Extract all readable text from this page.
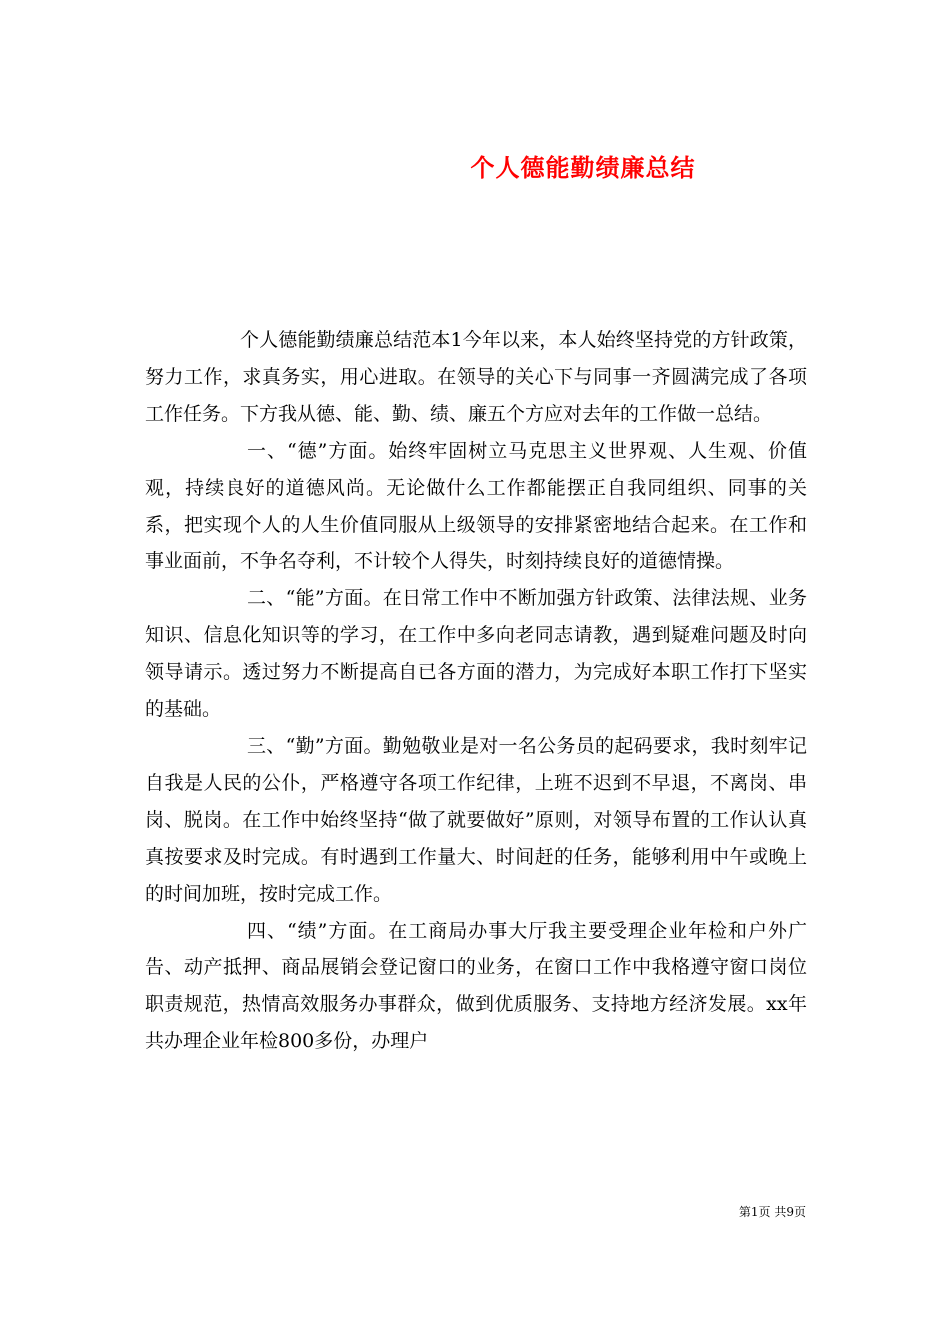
个人德能勤绩廉总结

个人德能勤绩廉总结范本1今年以来，本人始终坚持党的方针政策，努力工作，求真务实，用心进取。在领导的关心下与同事一齐圆满完成了各项工作任务。下方我从德、能、勤、绩、廉五个方应对去年的工作做一总结。

一、“德”方面。始终牢固树立马克思主义世界观、人生观、价值观，持续良好的道德风尚。无论做什么工作都能摆正自我同组织、同事的关系，把实现个人的人生价值同服从上级领导的安排紧密地结合起来。在工作和事业面前，不争名夺利，不计较个人得失，时刻持续良好的道德情操。

二、“能”方面。在日常工作中不断加强方针政策、法律法规、业务知识、信息化知识等的学习，在工作中多向老同志请教，遇到疑难问题及时向领导请示。透过努力不断提高自已各方面的潜力，为完成好本职工作打下坚实的基础。

三、“勤”方面。勤勉敬业是对一名公务员的起码要求，我时刻牢记自我是人民的公仆，严格遵守各项工作纪律，上班不迟到不早退，不离岗、串岗、脱岗。在工作中始终坚持“做了就要做好”原则，对领导布置的工作认认真真按要求及时完成。有时遇到工作量大、时间赶的任务，能够利用中午或晚上的时间加班，按时完成工作。

四、“绩”方面。在工商局办事大厅我主要受理企业年检和户外广告、动产抵押、商品展销会登记窗口的业务，在窗口工作中我格遵守窗口岗位职责规范，热情高效服务办事群众，做到优质服务、支持地方经济发展。xx年共办理企业年检800多份，办理户

第1页 共9页
